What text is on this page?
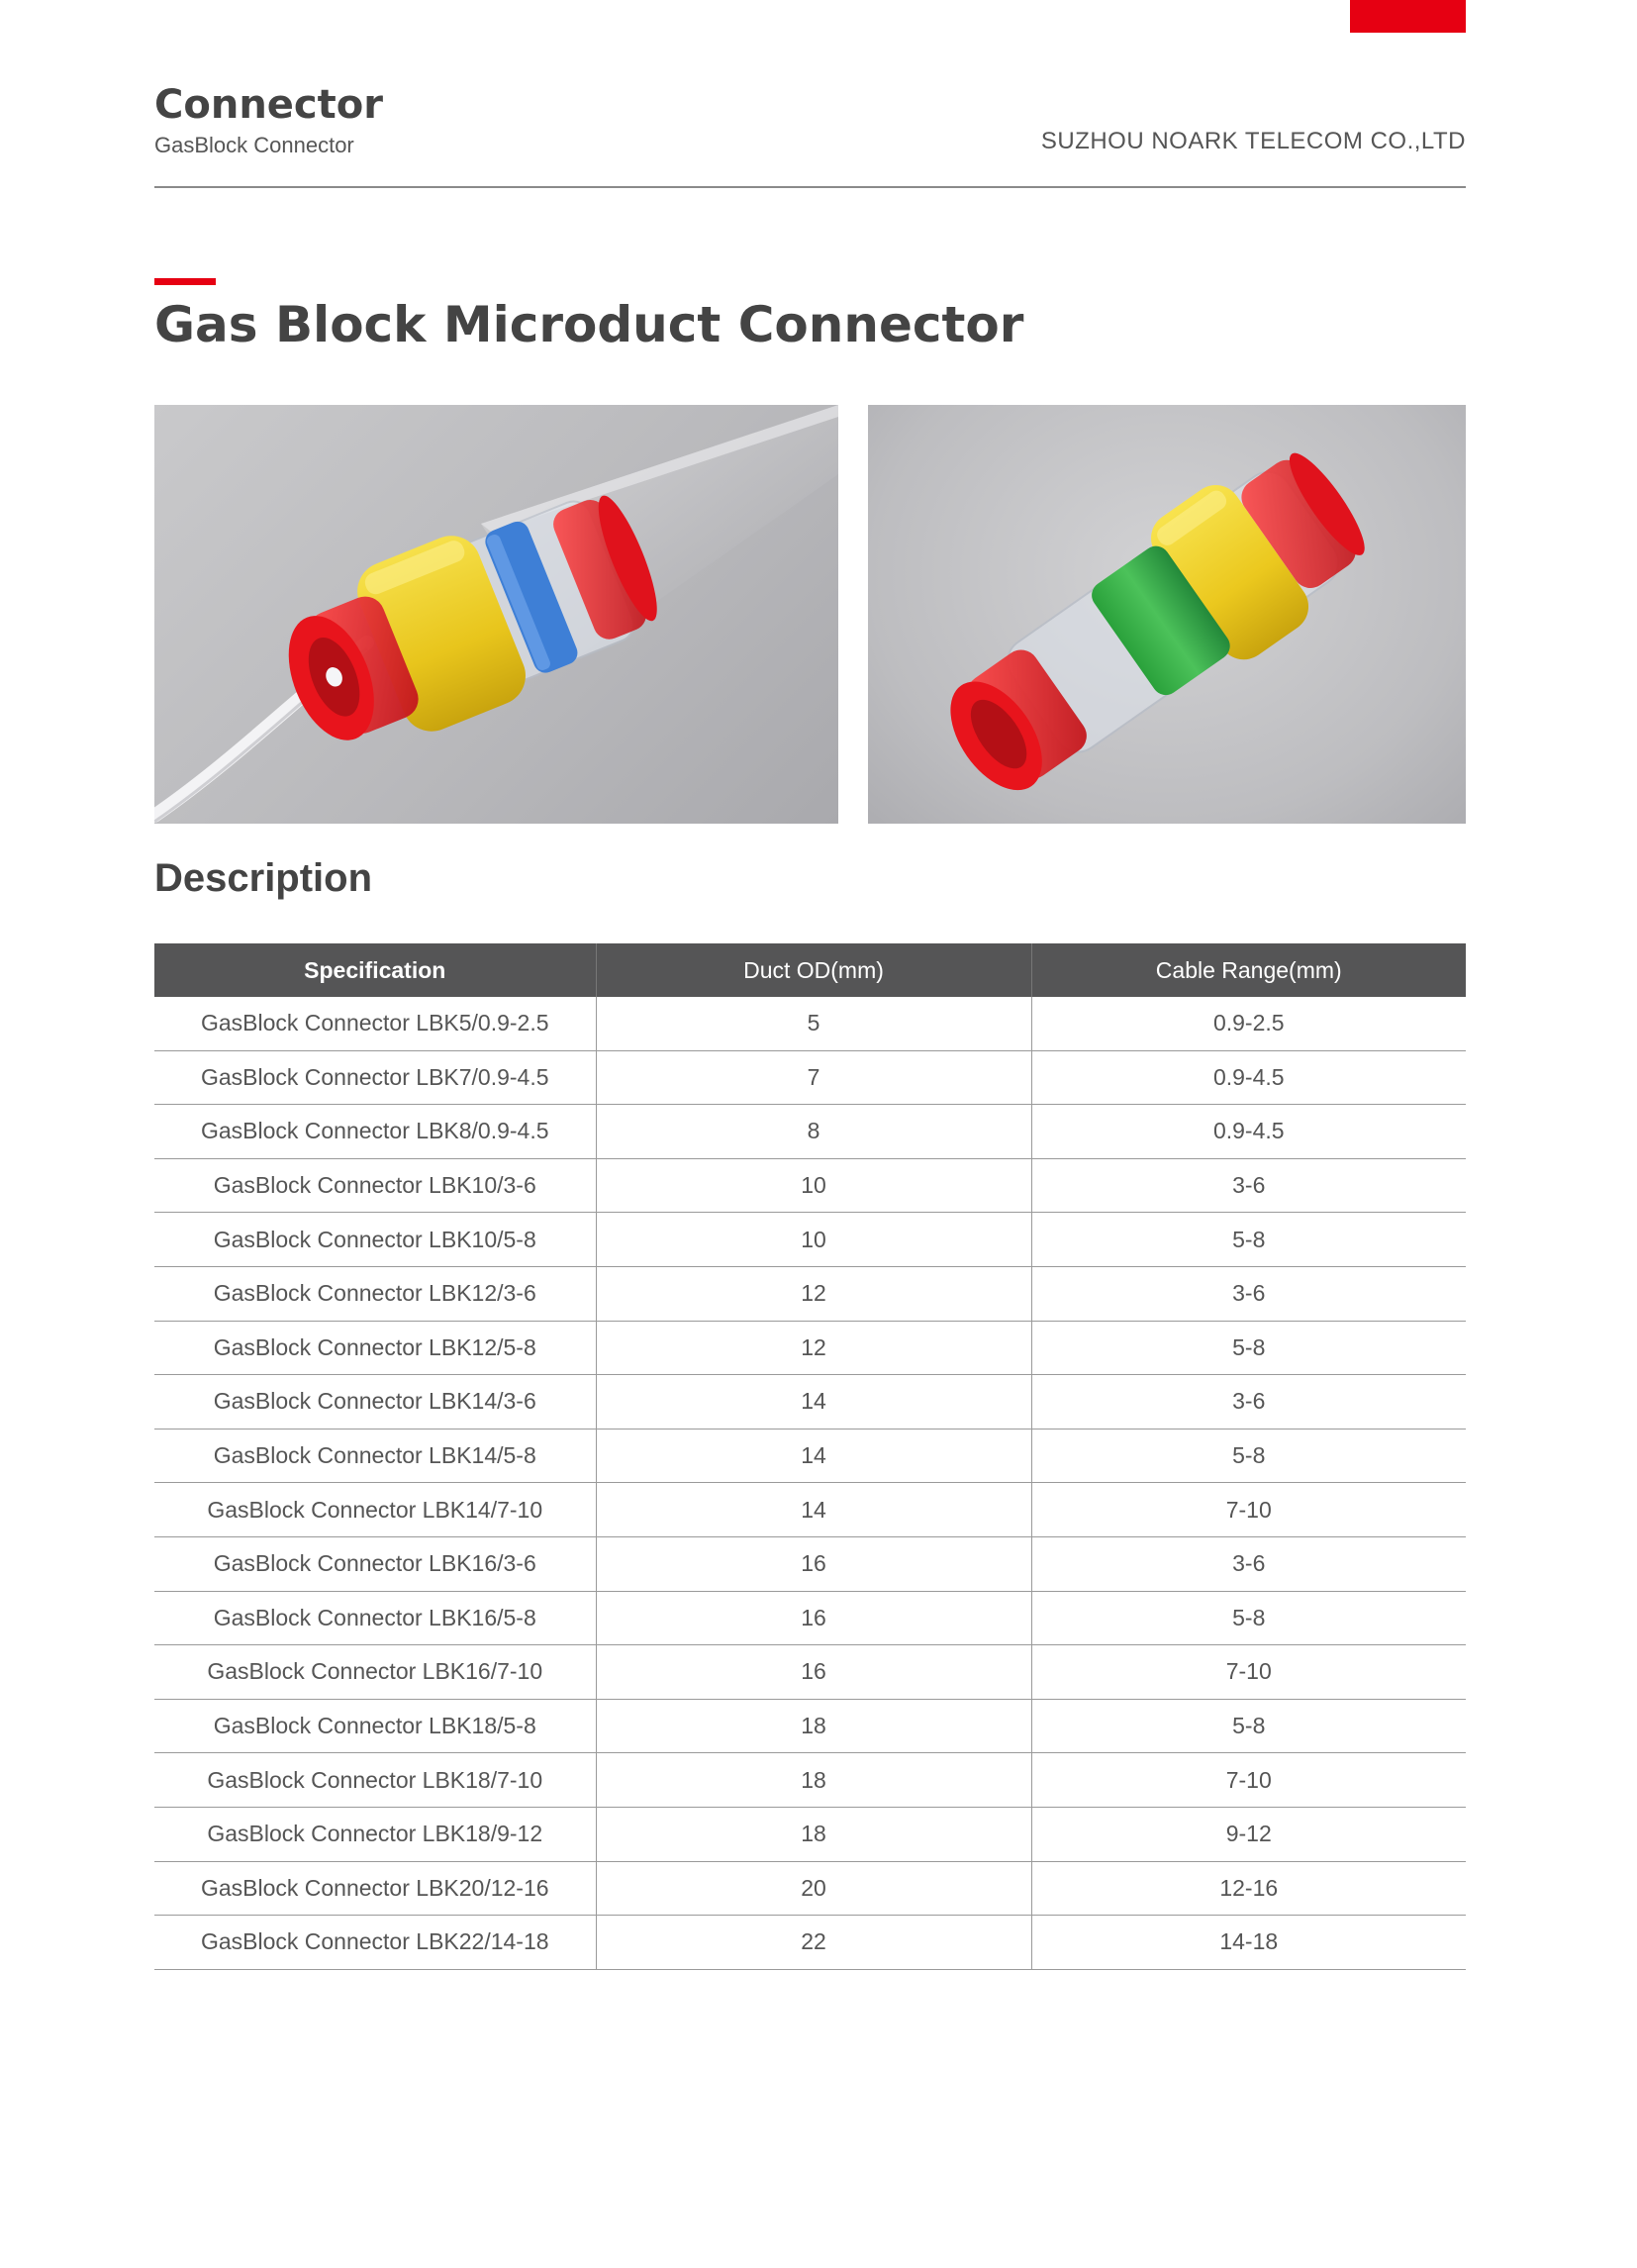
Connector
GasBlock Connector	SUZHOU NOARK TELECOM CO.,LTD
Gas Block Microduct Connector
Description
Specification	Duct OD(mm)	Cable Range(mm)
GasBlock Connector LBK5/0.9-2.5	5	0.9-2.5
GasBlock Connector LBK7/0.9-4.5	7	0.9-4.5
GasBlock Connector LBK8/0.9-4.5	8	0.9-4.5
GasBlock Connector LBK10/3-6	10	3-6
GasBlock Connector LBK10/5-8	10	5-8
GasBlock Connector LBK12/3-6	12	3-6
GasBlock Connector LBK12/5-8	12	5-8
GasBlock Connector LBK14/3-6	14	3-6
GasBlock Connector LBK14/5-8	14	5-8
GasBlock Connector LBK14/7-10	14	7-10
GasBlock Connector LBK16/3-6	16	3-6
GasBlock Connector LBK16/5-8	16	5-8
GasBlock Connector LBK16/7-10	16	7-10
GasBlock Connector LBK18/5-8	18	5-8
GasBlock Connector LBK18/7-10	18	7-10
GasBlock Connector LBK18/9-12	18	9-12
GasBlock Connector LBK20/12-16	20	12-16
GasBlock Connector LBK22/14-18	22	14-18
